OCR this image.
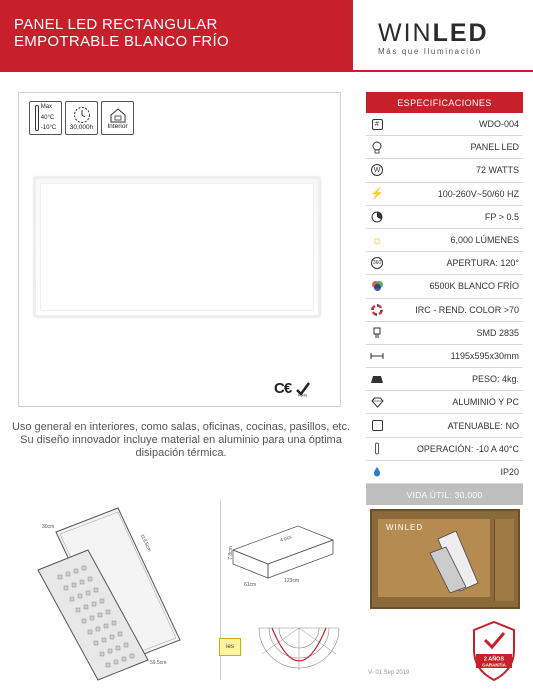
PANEL LED RECTANGULAR
EMPOTRABLE BLANCO FRÍO	WINLED
Más que Iluminación
Max
40°C
-10°C 30,000h Interior
C€ RoHS
Uso general en interiores, como salas, oficinas, cocinas, pasillos, etc. Su diseño innovador incluye material en aluminio para una óptima disipación térmica.
30cm
119.5cm
59.5cm
7.8cm
61cm
123cm
4 pcs
ies
ESPECIFICACIONES
#	WDO-004
PANEL LED
W	72 WATTS
⚡	100-260V~50/60 HZ
FP > 0.5
☼	6,000 LÚMENES
360	APERTURA: 120°
6500K BLANCO FRÍO
IRC - REND. COLOR >70
SMD 2835
1195x595x30mm
PESO: 4kg.
ALUMINIO Y PC
◌	ATENUABLE: NO
OPERACIÓN: -10 A 40°C
IP20
VIDA ÚTIL: 30,000
WINLED
2 AÑOS
GARANTÍA
V- 01 Sep 2019
